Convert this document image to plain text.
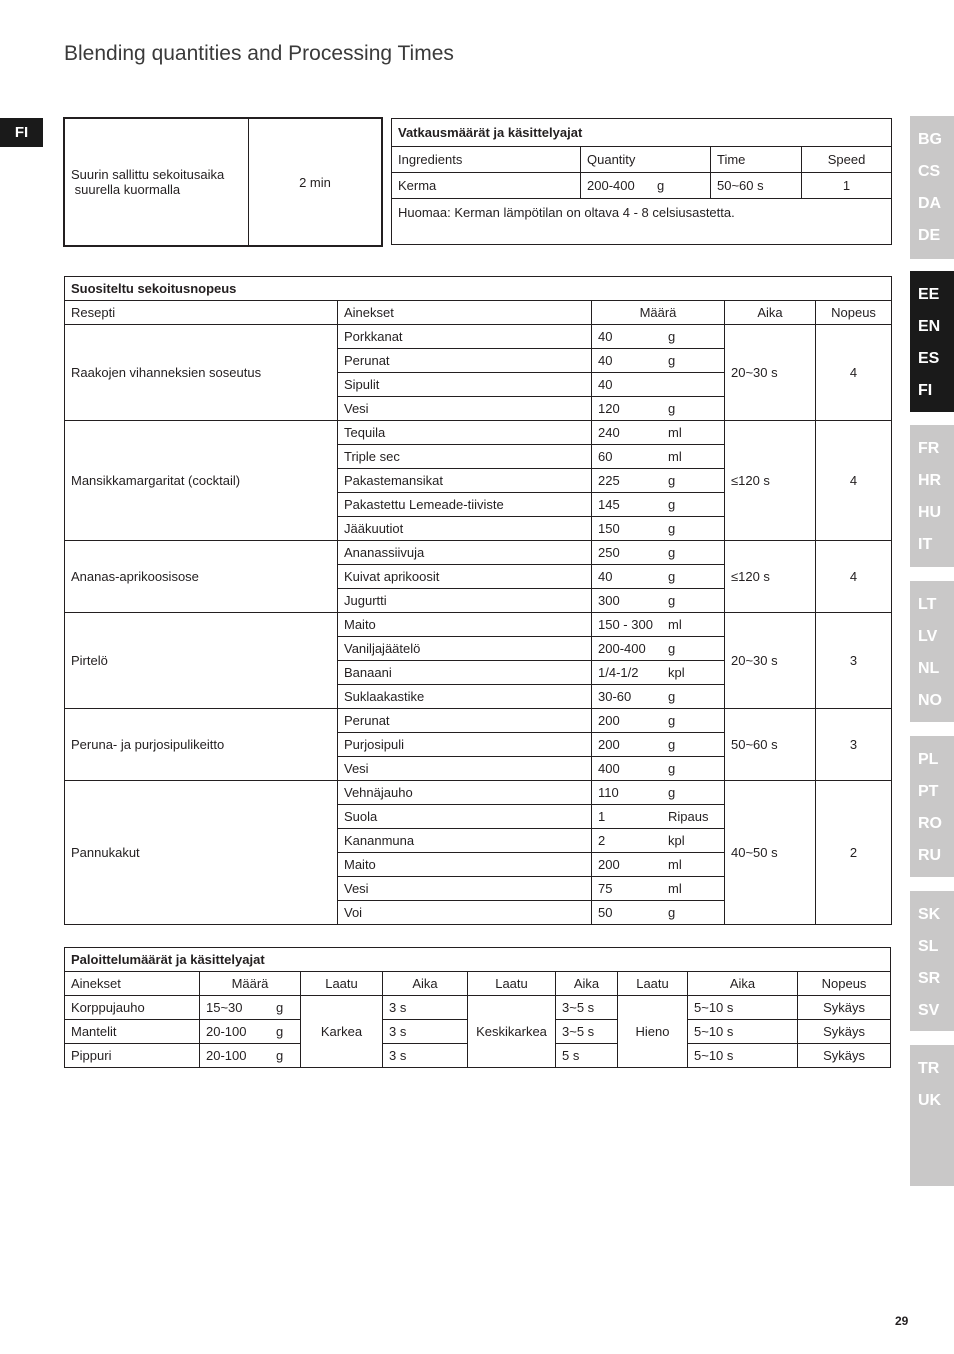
Blending quantities and Processing Times
FI
Suurin sallittu sekoitusaika
suurella kuormalla	2 min
Vatkausmäärät ja käsittelyajat			
Ingredients	Quantity	Time	Speed
Kerma	200-400 g	50~60 s	1
Huomaa: Kerman lämpötilan on oltava 4 - 8 celsiusastetta.			
Suositeltu sekoitusnopeus				
Resepti	Ainekset	Määrä	Aika	Nopeus
Raakojen vihanneksien soseutus	Porkkanat	40 g	20~30 s	4
	Perunat	40 g		

	Sipulit	40		

	Vesi	120 g		

Mansikkamargaritat (cocktail)	Tequila	240 ml	≤120 s	4
	Triple sec	60 ml		

	Pakastemansikat	225 g		

	Pakastettu Lemeade-tiiviste	145 g		

	Jääkuutiot	150 g		

Ananas-aprikoosisose	Ananassiivuja	250 g	≤120 s	4
	Kuivat aprikoosit	40 g		

	Jugurtti	300 g		

Pirtelö	Maito	150 - 300 ml	20~30 s	3
	Vaniljajäätelö	200-400 g		

	Banaani	1/4-1/2 kpl		

	Suklaakastike	30-60 g		

Peruna- ja purjosipulikeitto	Perunat	200 g	50~60 s	3
	Purjosipuli	200 g		

	Vesi	400 g		

Pannukakut	Vehnäjauho	110 g	40~50 s	2
	Suola	1 Ripaus		

	Kananmuna	2 kpl		

	Maito	200 ml		

	Vesi	75 ml		

	Voi	50 g		
Paloittelumäärät ja käsittelyajat								
Ainekset	Määrä	Laatu	Aika	Laatu	Aika	Laatu	Aika	Nopeus
Korppujauho	15~30 g	Karkea	3 s	Keskikarkea	3~5 s	Hieno	5~10 s	Sykäys
Mantelit	20-100 g		3 s		3~5 s		5~10 s	Sykäys
Pippuri	20-100 g		3 s		5 s		5~10 s	Sykäys
BG
CS
DA
DE
EE
EN
ES
FI
FR
HR
HU
IT
LT
LV
NL
NO
PL
PT
RO
RU
SK
SL
SR
SV
TR
UK
29
